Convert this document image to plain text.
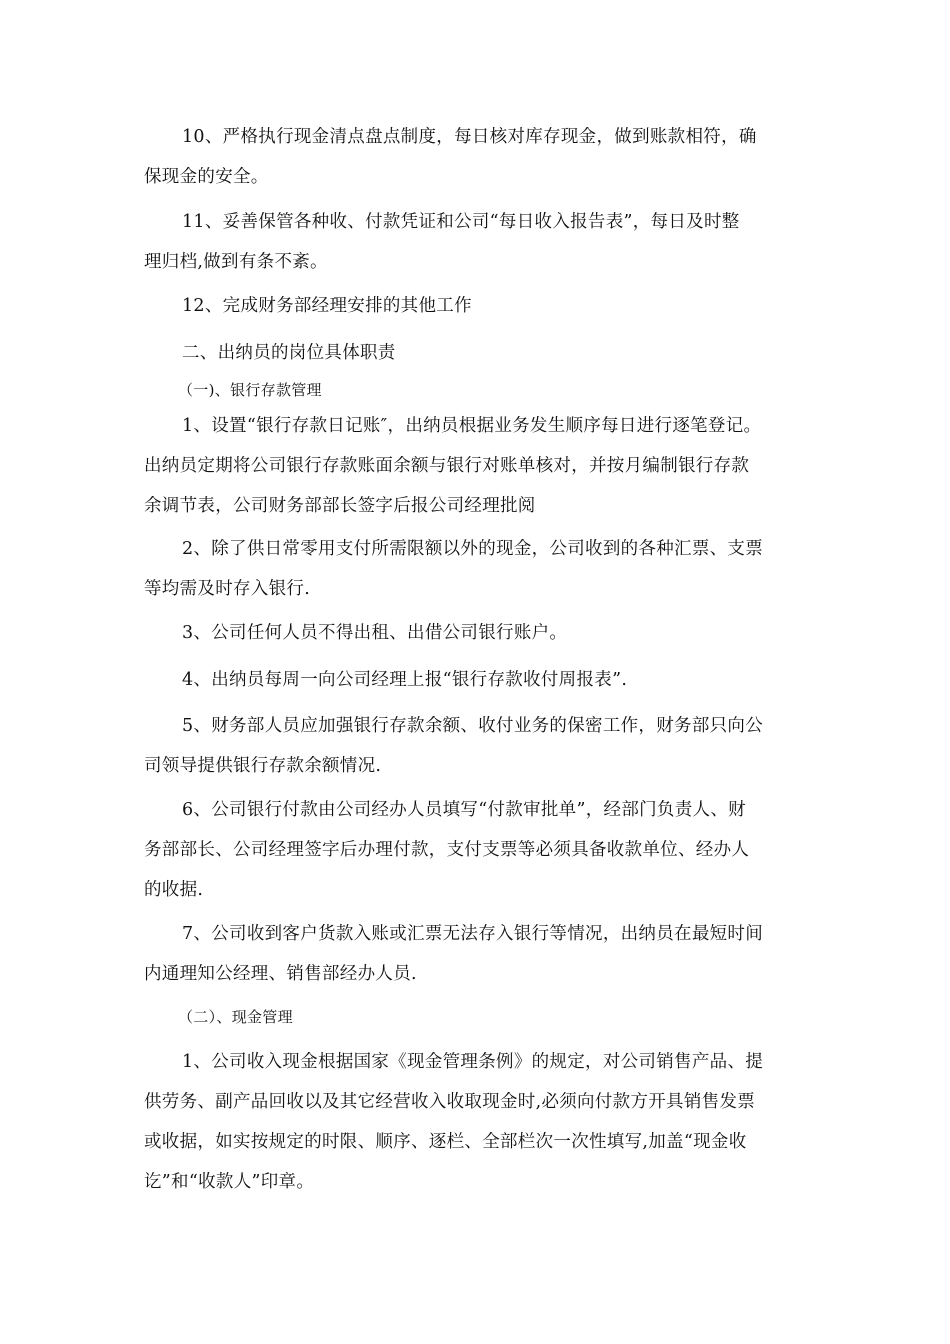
10、严格执行现金清点盘点制度，每日核对库存现金，做到账款相符，确
保现金的安全。

11、妥善保管各种收、付款凭证和公司“每日收入报告表”，每日及时整
理归档,做到有条不紊。

12、完成财务部经理安排的其他工作

二、出纳员的岗位具体职责

（一)、银行存款管理

1、设置“银行存款日记账″，出纳员根据业务发生顺序每日进行逐笔登记。
出纳员定期将公司银行存款账面余额与银行对账单核对，并按月编制银行存款
余调节表，公司财务部部长签字后报公司经理批阅

2、除了供日常零用支付所需限额以外的现金，公司收到的各种汇票、支票
等均需及时存入银行.

3、公司任何人员不得出租、出借公司银行账户。

4、出纳员每周一向公司经理上报“银行存款收付周报表”.

5、财务部人员应加强银行存款余额、收付业务的保密工作，财务部只向公
司领导提供银行存款余额情况.

6、公司银行付款由公司经办人员填写“付款审批单”，经部门负责人、财
务部部长、公司经理签字后办理付款，支付支票等必须具备收款单位、经办人
的收据.

7、公司收到客户货款入账或汇票无法存入银行等情况，出纳员在最短时间
内通理知公经理、销售部经办人员.

（二）、现金管理

1、公司收入现金根据国家《现金管理条例》的规定，对公司销售产品、提
供劳务、副产品回收以及其它经营收入收取现金时,必须向付款方开具销售发票
或收据，如实按规定的时限、顺序、逐栏、全部栏次一次性填写,加盖“现金收
讫”和“收款人”印章。
